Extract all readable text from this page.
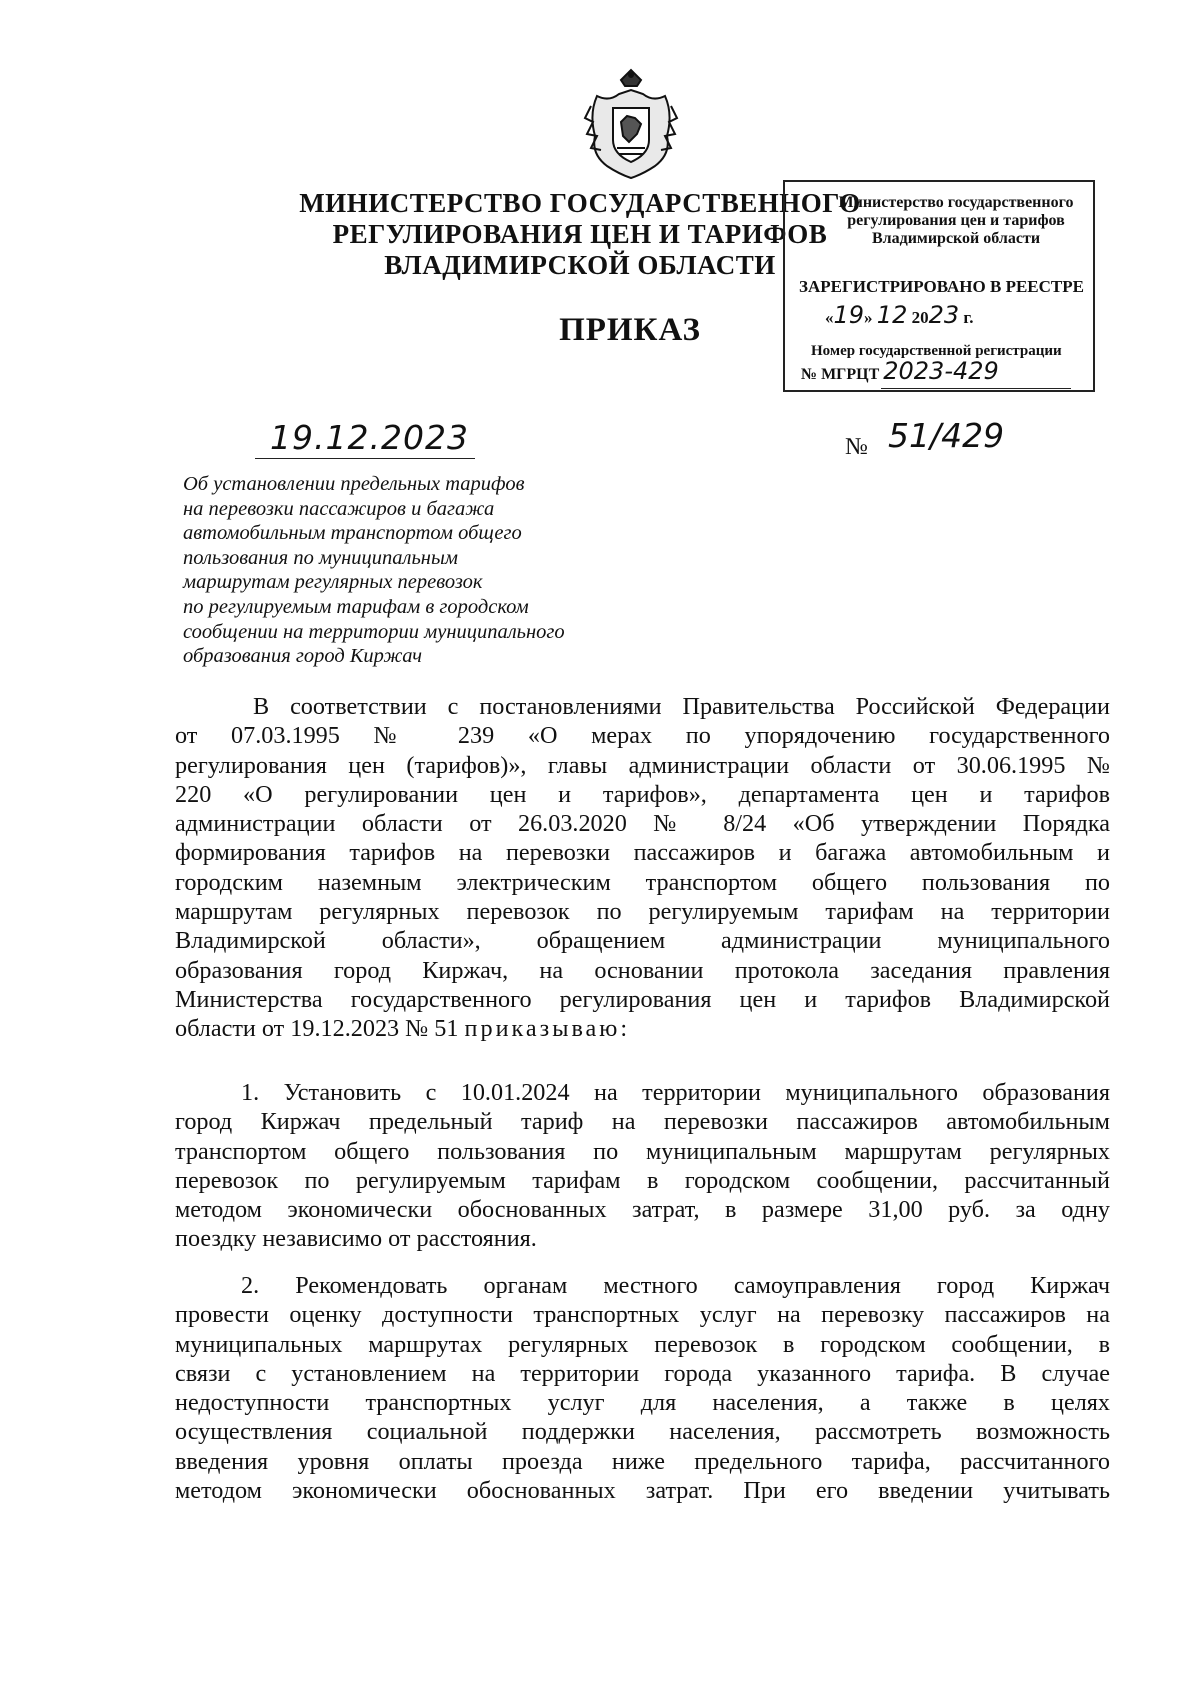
МИНИСТЕРСТВО ГОСУДАРСТВЕННОГО
РЕГУЛИРОВАНИЯ ЦЕН И ТАРИФОВ
ВЛАДИМИРСКОЙ ОБЛАСТИ
ПРИКАЗ
Министерство государственного
регулирования цен и тарифов
Владимирской области
ЗАРЕГИСТРИРОВАНО В РЕЕСТРЕ
«19» 12 2023 г.
Номер государственной регистрации
№ МГРЦТ 2023-429
19.12.2023	№ 51/429
Об установлении предельных тарифов
на перевозки пассажиров и багажа
автомобильным транспортом общего
пользования по муниципальным
маршрутам регулярных перевозок
по регулируемым тарифам в городском
сообщении на территории муниципального
образования город Киржач
В соответствии с постановлениями Правительства Российской Федерации
от 07.03.1995 № 239 «О мерах по упорядочению государственного
регулирования цен (тарифов)», главы администрации области от 30.06.1995 №
220 «О регулировании цен и тарифов», департамента цен и тарифов
администрации области от 26.03.2020 № 8/24 «Об утверждении Порядка
формирования тарифов на перевозки пассажиров и багажа автомобильным и
городским наземным электрическим транспортом общего пользования по
маршрутам регулярных перевозок по регулируемым тарифам на территории
Владимирской области», обращением администрации муниципального
образования город Киржач, на основании протокола заседания правления
Министерства государственного регулирования цен и тарифов Владимирской
области от 19.12.2023 № 51 приказываю:
1. Установить с 10.01.2024 на территории муниципального образования
город Киржач предельный тариф на перевозки пассажиров автомобильным
транспортом общего пользования по муниципальным маршрутам регулярных
перевозок по регулируемым тарифам в городском сообщении, рассчитанный
методом экономически обоснованных затрат, в размере 31,00 руб. за одну
поездку независимо от расстояния.
2. Рекомендовать органам местного самоуправления город Киржач
провести оценку доступности транспортных услуг на перевозку пассажиров на
муниципальных маршрутах регулярных перевозок в городском сообщении, в
связи с установлением на территории города указанного тарифа. В случае
недоступности транспортных услуг для населения, а также в целях
осуществления социальной поддержки населения, рассмотреть возможность
введения уровня оплаты проезда ниже предельного тарифа, рассчитанного
методом экономически обоснованных затрат. При его введении учитывать
